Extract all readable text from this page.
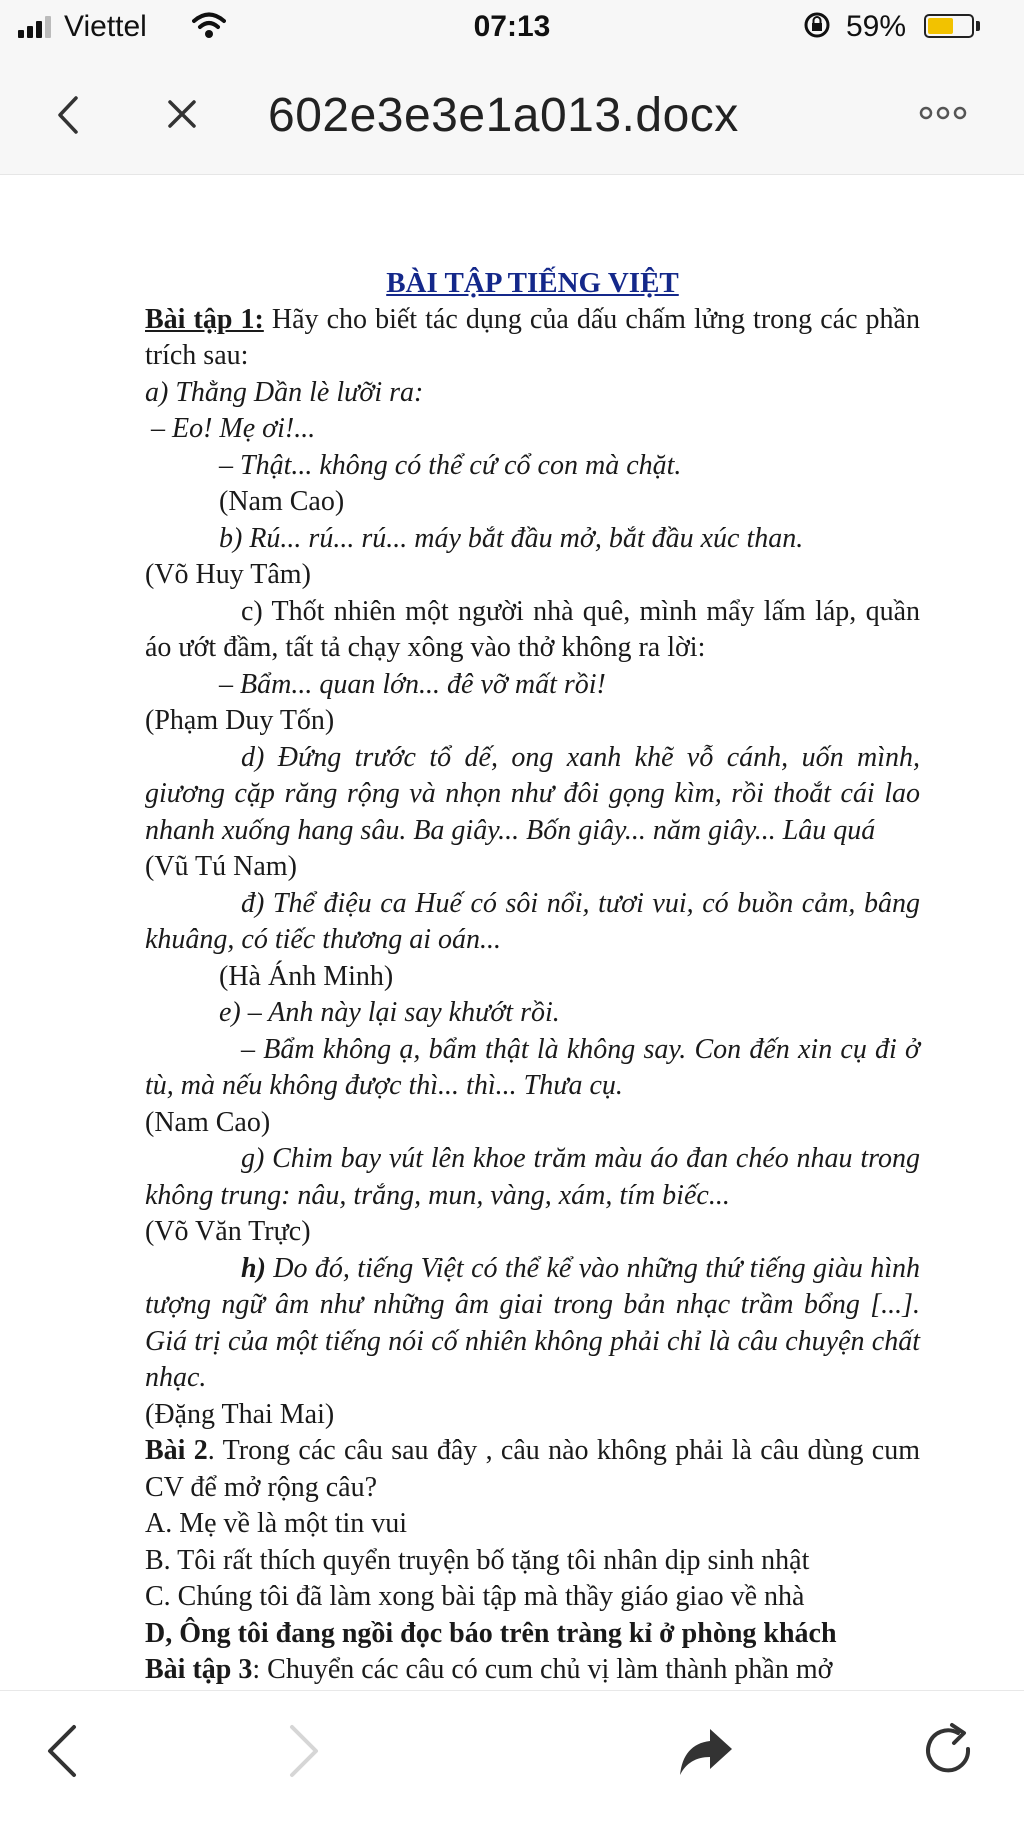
Viettel	07:13	59%
602e3e3e1a013.docx

BÀI TẬP TIẾNG VIỆT

Bài tập 1: Hãy cho biết tác dụng của dấu chấm lửng trong các phần trích sau:

a) Thằng Dần lè lưỡi ra:

– Eo! Mẹ ơi!...

– Thật... không có thể cứ cổ con mà chặt.

(Nam Cao)

b) Rú... rú... rú... máy bắt đầu mở, bắt đầu xúc than.

(Võ Huy Tâm)

c) Thốt nhiên một người nhà quê, mình mẩy lấm láp, quần áo ướt đầm, tất tả chạy xông vào thở không ra lời:

– Bẩm... quan lớn... đê vỡ mất rồi!

(Phạm Duy Tốn)

d) Đứng trước tổ dế, ong xanh khẽ vỗ cánh, uốn mình, giương cặp răng rộng và nhọn như đôi gọng kìm, rồi thoắt cái lao nhanh xuống hang sâu. Ba giây... Bốn giây... năm giây... Lâu quá

(Vũ Tú Nam)

đ) Thể điệu ca Huế có sôi nổi, tươi vui, có buồn cảm, bâng khuâng, có tiếc thương ai oán...

(Hà Ánh Minh)

e) – Anh này lại say khướt rồi.

– Bẩm không ạ, bẩm thật là không say. Con đến xin cụ đi ở tù, mà nếu không được thì... thì... Thưa cụ.

(Nam Cao)

g) Chim bay vút lên khoe trăm màu áo đan chéo nhau trong không trung: nâu, trắng, mun, vàng, xám, tím biếc...

(Võ Văn Trực)

h) Do đó, tiếng Việt có thể kể vào những thứ tiếng giàu hình tượng ngữ âm như những âm giai trong bản nhạc trầm bổng [...]. Giá trị của một tiếng nói cố nhiên không phải chỉ là câu chuyện chất nhạc.

(Đặng Thai Mai)

Bài 2. Trong các câu sau đây , câu nào không phải là câu dùng cum CV để mở rộng câu?

A. Mẹ về là một tin vui

B. Tôi rất thích quyển truyện bố tặng tôi nhân dịp sinh nhật

C. Chúng tôi đã làm xong bài tập mà thầy giáo giao về nhà

D, Ông tôi đang ngồi đọc báo trên tràng kỉ ở phòng khách

Bài tập 3: Chuyển các câu có cum chủ vị làm thành phần mở
